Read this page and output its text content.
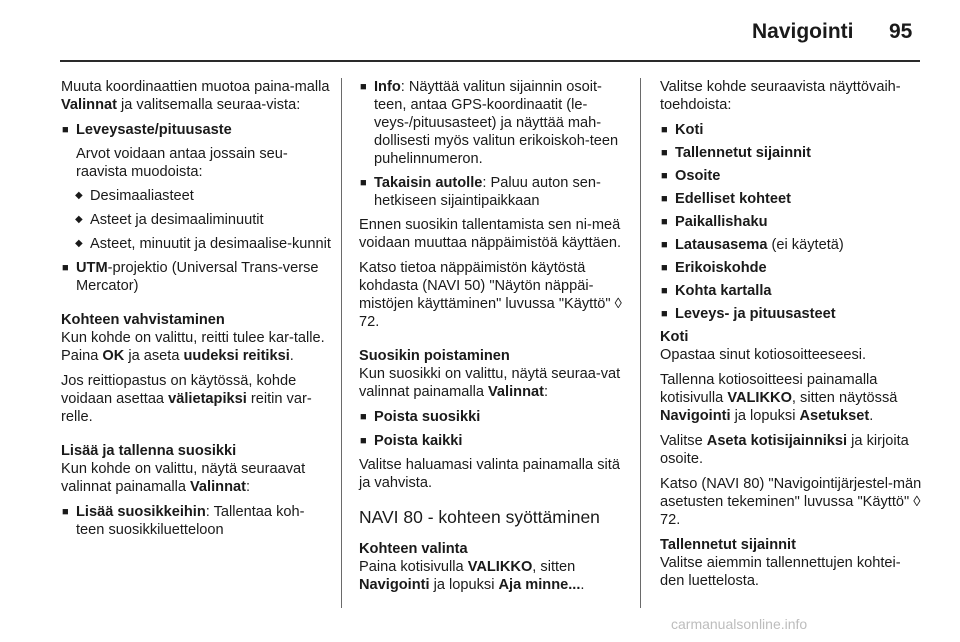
Navigointi 95

Muuta koordinaattien muotoa paina-malla Valinnat ja valitsemalla seuraa-vista:

■ Leveysaste/pituusaste
Arvot voidaan antaa jossain seu-raavista muodoista:
◆ Desimaaliasteet
◆ Asteet ja desimaaliminuutit
◆ Asteet, minuutit ja desimaalise-kunnit
■ UTM-projektio (Universal Trans-verse Mercator)

Kohteen vahvistaminen

Kun kohde on valittu, reitti tulee kar-talle. Paina OK ja aseta uudeksi reitiksi.

Jos reittiopastus on käytössä, kohde voidaan asettaa välietapiksi reitin var-relle.

Lisää ja tallenna suosikki

Kun kohde on valittu, näytä seuraavat valinnat painamalla Valinnat:

■ Lisää suosikkeihin: Tallentaa koh-teen suosikkiluetteloon
■ Info: Näyttää valitun sijainnin osoit-teen, antaa GPS-koordinaatit (le-veys-/pituusasteet) ja näyttää mah-dollisesti myös valitun erikoiskoh-teen puhelinnumeron.
■ Takaisin autolle: Paluu auton sen-hetkiseen sijaintipaikkaan

Ennen suosikin tallentamista sen ni-meä voidaan muuttaa näppäimistöä käyttäen.

Katso tietoa näppäimistön käytöstä kohdasta (NAVI 50) "Näytön näppäi-mistöjen käyttäminen" luvussa "Käyttö" ◊ 72.

Suosikin poistaminen

Kun suosikki on valittu, näytä seuraa-vat valinnat painamalla Valinnat:

■ Poista suosikki
■ Poista kaikki

Valitse haluamasi valinta painamalla sitä ja vahvista.

NAVI 80 - kohteen syöttäminen

Kohteen valinta

Paina kotisivulla VALIKKO, sitten Navigointi ja lopuksi Aja minne....

Valitse kohde seuraavista näyttövaih-toehdoista:

■ Koti
■ Tallennetut sijainnit
■ Osoite
■ Edelliset kohteet
■ Paikallishaku
■ Latausasema (ei käytetä)
■ Erikoiskohde
■ Kohta kartalla
■ Leveys- ja pituusasteet

Koti

Opastaa sinut kotiosoitteeseesi.

Tallenna kotiosoitteesi painamalla kotisivulla VALIKKO, sitten näytössä Navigointi ja lopuksi Asetukset.

Valitse Aseta kotisijainniksi ja kirjoita osoite.

Katso (NAVI 80) "Navigointijärjestel-män asetusten tekeminen" luvussa "Käyttö" ◊ 72.

Tallennetut sijainnit

Valitse aiemmin tallennettujen kohtei-den luettelosta.

carmanualsonline.info
